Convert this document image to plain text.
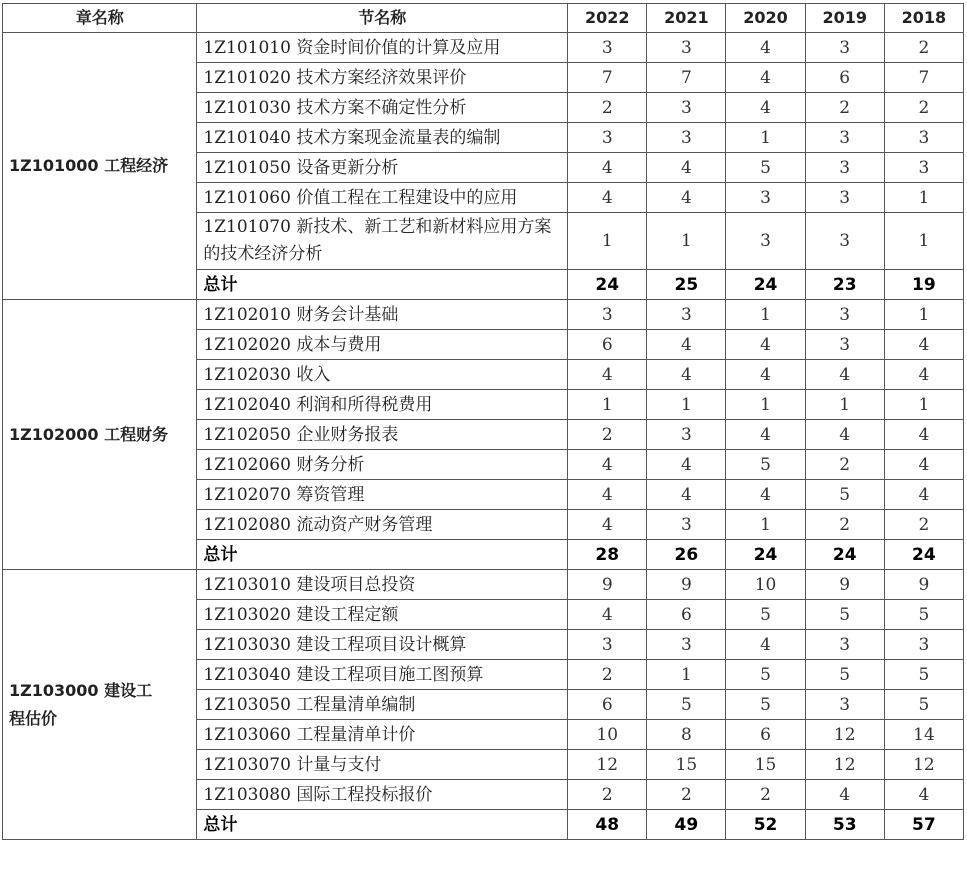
章名称	节名称	2022	2021	2020	2019	2018
1Z101000 工程经济	1Z101010 资金时间价值的计算及应用	3	3	4	3	2
	1Z101020 技术方案经济效果评价	7	7	4	6	7
	1Z101030 技术方案不确定性分析	2	3	4	2	2
	1Z101040 技术方案现金流量表的编制	3	3	1	3	3
	1Z101050 设备更新分析	4	4	5	3	3
	1Z101060 价值工程在工程建设中的应用	4	4	3	3	1
	1Z101070 新技术、新工艺和新材料应用方案的技术经济分析	1	1	3	3	1
	总计	24	25	24	23	19
1Z102000 工程财务	1Z102010 财务会计基础	3	3	1	3	1
	1Z102020 成本与费用	6	4	4	3	4
	1Z102030 收入	4	4	4	4	4
	1Z102040 利润和所得税费用	1	1	1	1	1
	1Z102050 企业财务报表	2	3	4	4	4
	1Z102060 财务分析	4	4	5	2	4
	1Z102070 筹资管理	4	4	4	5	4
	1Z102080 流动资产财务管理	4	3	1	2	2
	总计	28	26	24	24	24
1Z103000 建设工程估价	1Z103010 建设项目总投资	9	9	10	9	9
	1Z103020 建设工程定额	4	6	5	5	5
	1Z103030 建设工程项目设计概算	3	3	4	3	3
	1Z103040 建设工程项目施工图预算	2	1	5	5	5
	1Z103050 工程量清单编制	6	5	5	3	5
	1Z103060 工程量清单计价	10	8	6	12	14
	1Z103070 计量与支付	12	15	15	12	12
	1Z103080 国际工程投标报价	2	2	2	4	4
	总计	48	49	52	53	57
